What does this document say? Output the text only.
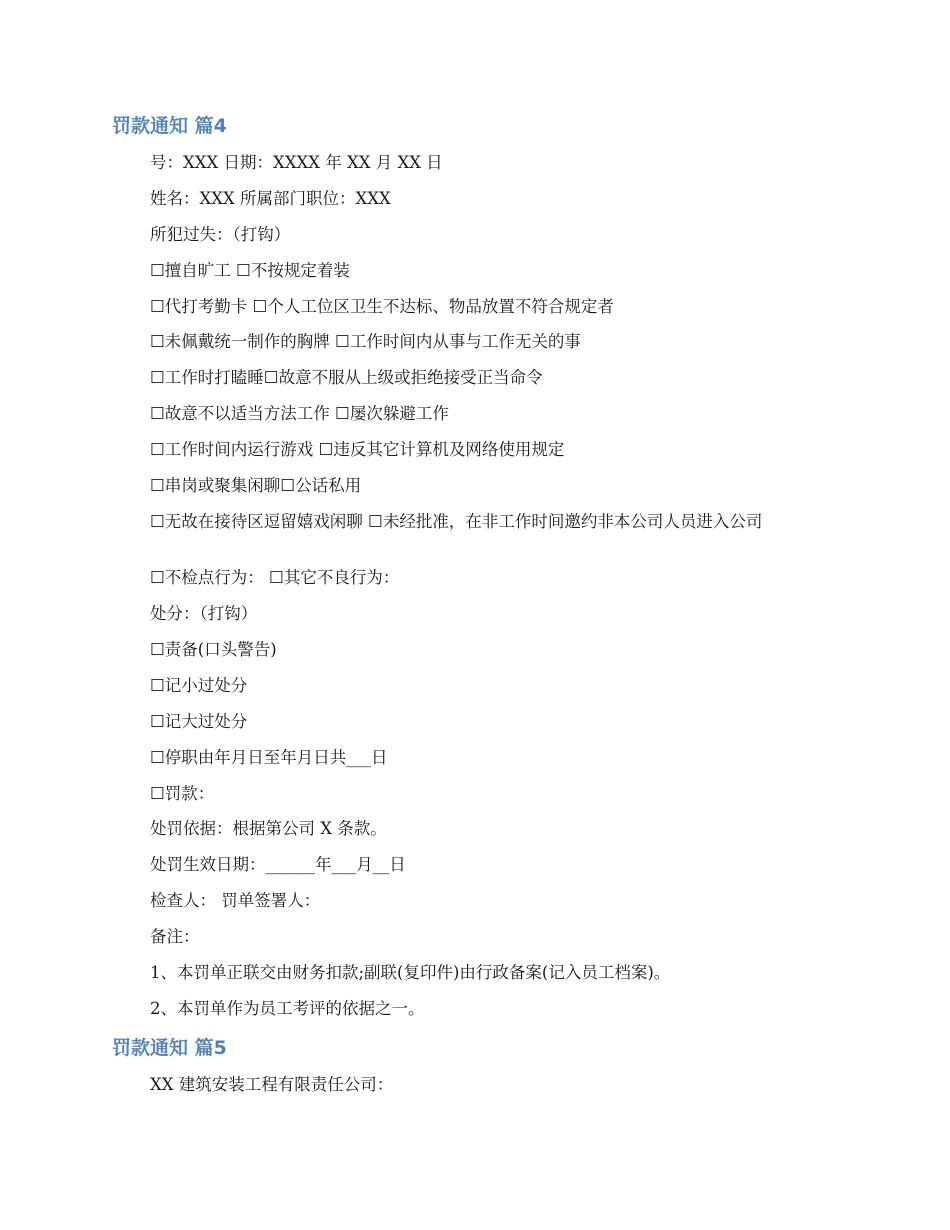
罚款通知 篇4

号：XXX 日期：XXXX 年 XX 月 XX 日

姓名：XXX 所属部门职位：XXX

所犯过失：（打钩）

☐擅自旷工 ☐不按规定着装

☐代打考勤卡 ☐个人工位区卫生不达标、物品放置不符合规定者

☐未佩戴统一制作的胸牌 ☐工作时间内从事与工作无关的事

☐工作时打瞌睡☐故意不服从上级或拒绝接受正当命令

☐故意不以适当方法工作 ☐屡次躲避工作

☐工作时间内运行游戏 ☐违反其它计算机及网络使用规定

☐串岗或聚集闲聊☐公话私用

☐无故在接待区逗留嬉戏闲聊 ☐未经批准，在非工作时间邀约非本公司人员进入公司

☐不检点行为： ☐其它不良行为：

处分：（打钩）

☐责备(口头警告)

☐记小过处分

☐记大过处分

☐停职由年月日至年月日共___日

☐罚款：

处罚依据：根据第公司 X 条款。

处罚生效日期：______年___月__日

检查人： 罚单签署人：

备注：

1、本罚单正联交由财务扣款;副联(复印件)由行政备案(记入员工档案)。

2、本罚单作为员工考评的依据之一。

罚款通知 篇5

XX 建筑安装工程有限责任公司：
